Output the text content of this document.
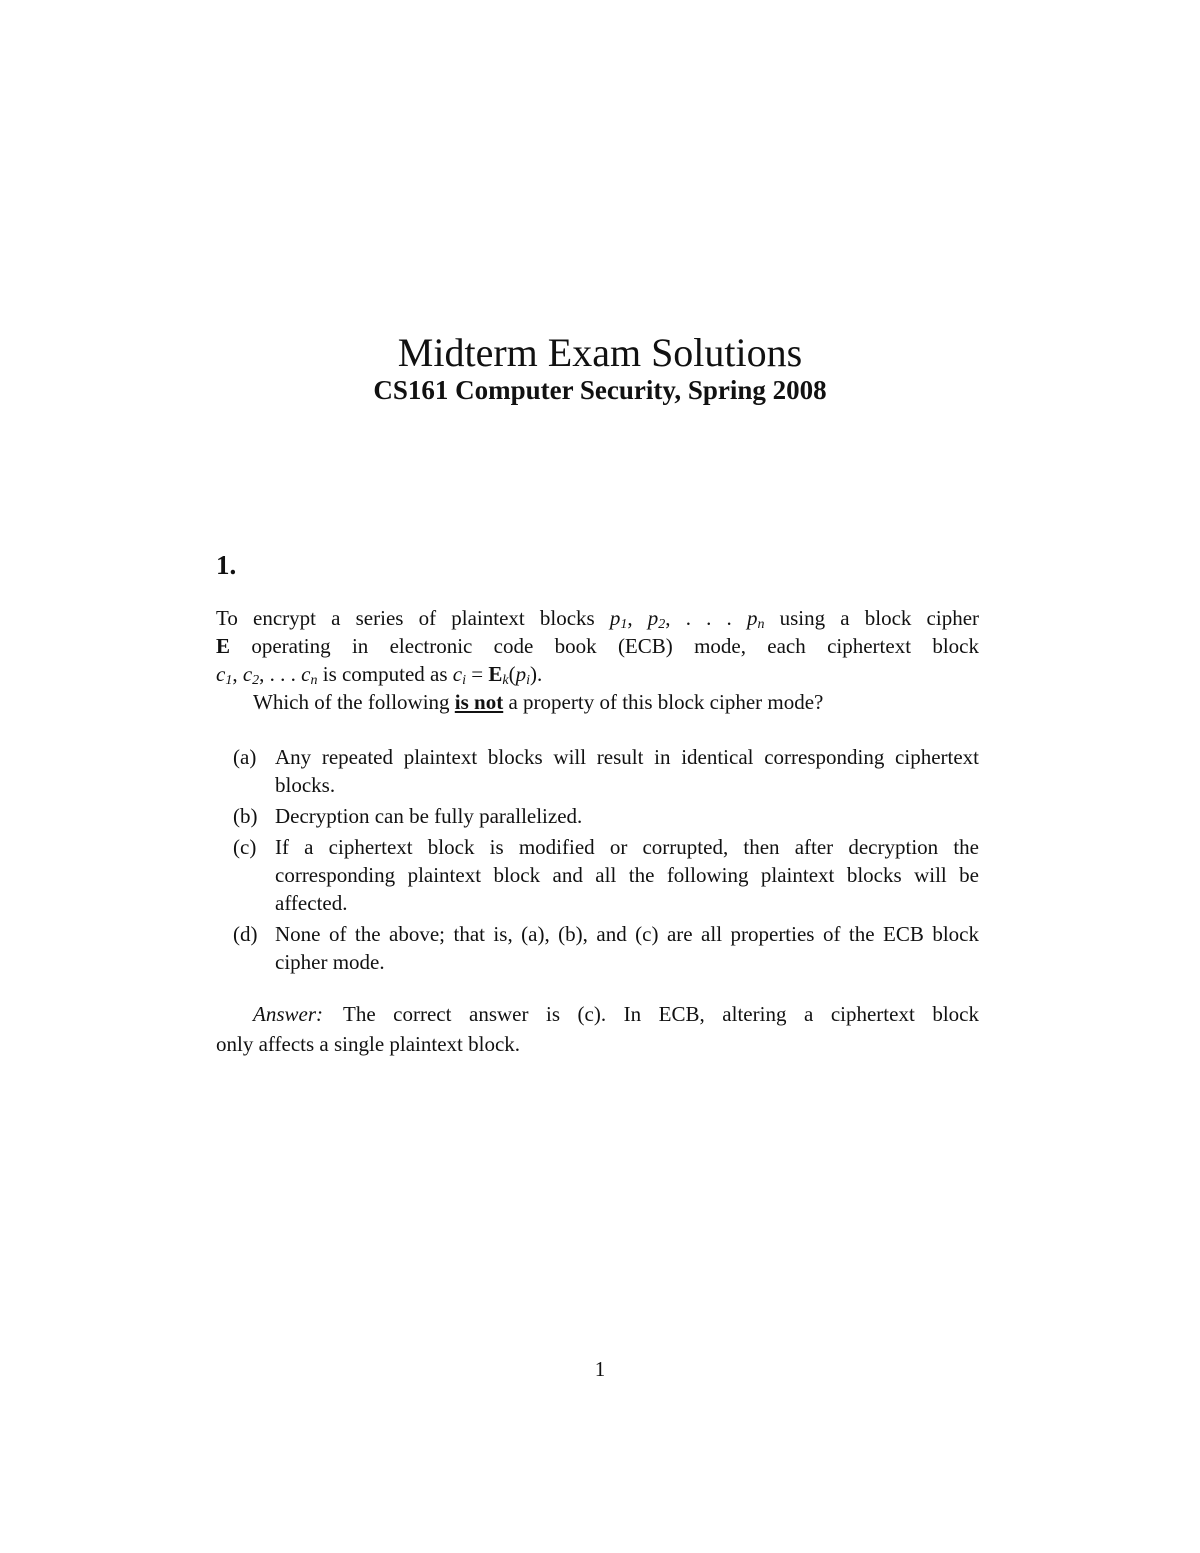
Midterm Exam Solutions
CS161 Computer Security, Spring 2008

1.

To encrypt a series of plaintext blocks $p_1$, $p_2$, . . . $p_n$ using a block cipher
E operating in electronic code book (ECB) mode, each ciphertext block
$c_1$, $c_2$, . . . $c_n$ is computed as $c_i = E_k(p_i)$.

Which of the following is not a property of this block cipher mode?

(a) Any repeated plaintext blocks will result in identical corresponding ciphertext blocks.

(b) Decryption can be fully parallelized.

(c) If a ciphertext block is modified or corrupted, then after decryption the corresponding plaintext block and all the following plaintext blocks will be affected.

(d) None of the above; that is, (a), (b), and (c) are all properties of the ECB block cipher mode.

Answer: The correct answer is (c). In ECB, altering a ciphertext block

only affects a single plaintext block.

1
